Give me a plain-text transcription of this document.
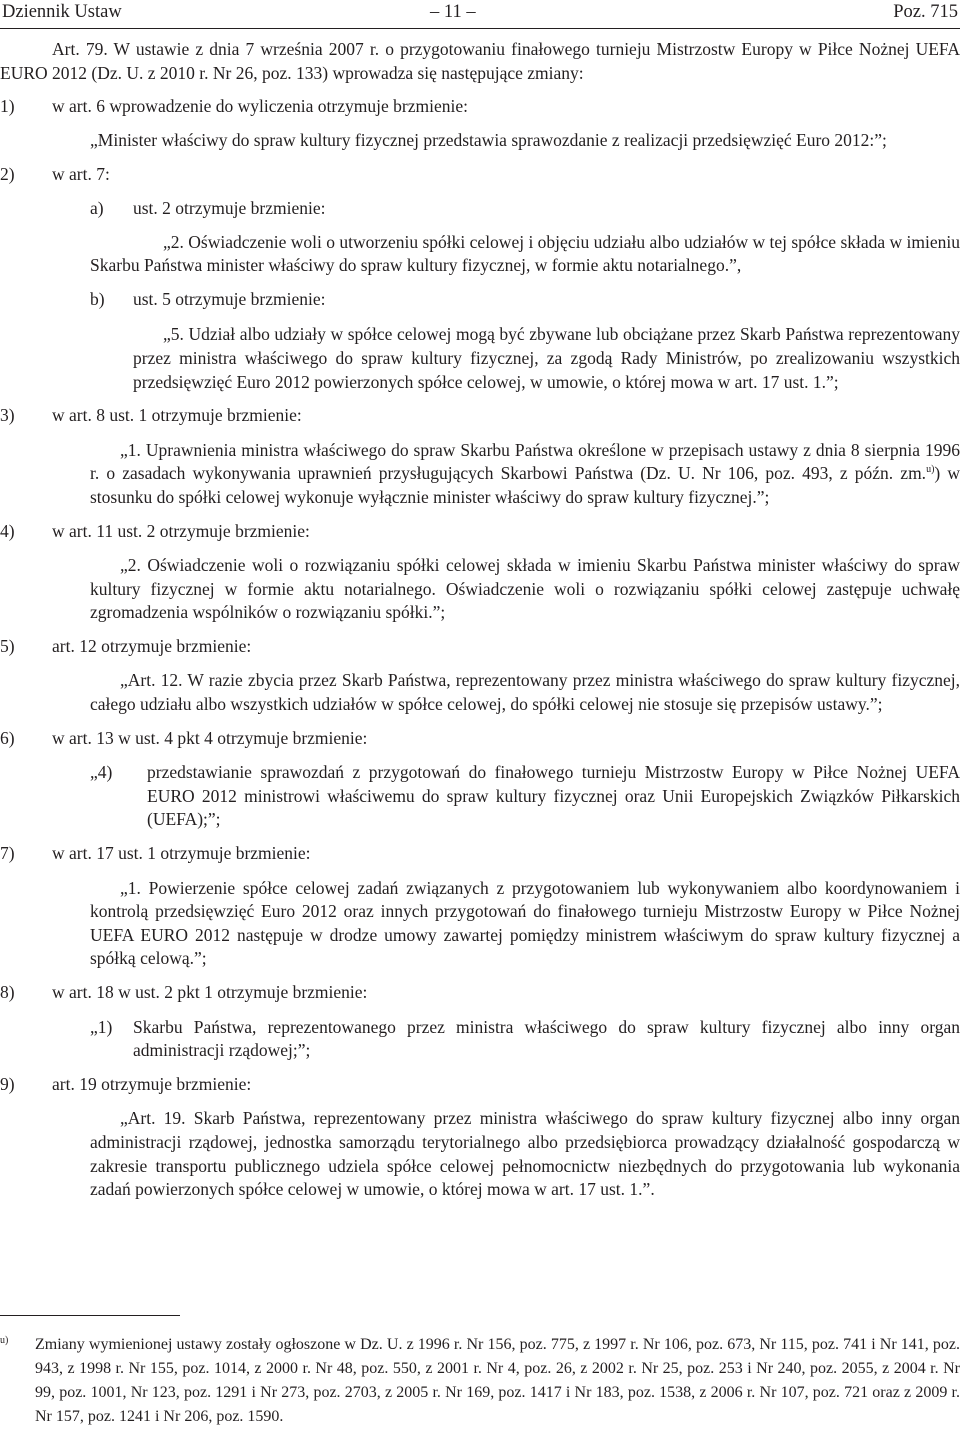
Dziennik Ustaw	– 11 –	Poz. 715

Art. 79. W ustawie z dnia 7 września 2007 r. o przygotowaniu finałowego turnieju Mistrzostw Europy w Piłce Nożnej UEFA EURO 2012 (Dz. U. z 2010 r. Nr 26, poz. 133) wprowadza się następujące zmiany:

1) w art. 6 wprowadzenie do wyliczenia otrzymuje brzmienie:

„Minister właściwy do spraw kultury fizycznej przedstawia sprawozdanie z realizacji przedsięwzięć Euro 2012:”;

2) w art. 7:

a) ust. 2 otrzymuje brzmienie:

„2. Oświadczenie woli o utworzeniu spółki celowej i objęciu udziału albo udziałów w tej spółce składa w imieniu Skarbu Państwa minister właściwy do spraw kultury fizycznej, w formie aktu notarialnego.”,

b) ust. 5 otrzymuje brzmienie:

„5. Udział albo udziały w spółce celowej mogą być zbywane lub obciążane przez Skarb Państwa reprezentowany przez ministra właściwego do spraw kultury fizycznej, za zgodą Rady Ministrów, po zrealizowaniu wszystkich przedsięwzięć Euro 2012 powierzonych spółce celowej, w umowie, o której mowa w art. 17 ust. 1.”;

3) w art. 8 ust. 1 otrzymuje brzmienie:

„1. Uprawnienia ministra właściwego do spraw Skarbu Państwa określone w przepisach ustawy z dnia 8 sierpnia 1996 r. o zasadach wykonywania uprawnień przysługujących Skarbowi Państwa (Dz. U. Nr 106, poz. 493, z późn. zm.$^{u)}$) w stosunku do spółki celowej wykonuje wyłącznie minister właściwy do spraw kultury fizycznej.”;

4) w art. 11 ust. 2 otrzymuje brzmienie:

„2. Oświadczenie woli o rozwiązaniu spółki celowej składa w imieniu Skarbu Państwa minister właściwy do spraw kultury fizycznej w formie aktu notarialnego. Oświadczenie woli o rozwiązaniu spółki celowej zastępuje uchwałę zgromadzenia wspólników o rozwiązaniu spółki.”;

5) art. 12 otrzymuje brzmienie:

„Art. 12. W razie zbycia przez Skarb Państwa, reprezentowany przez ministra właściwego do spraw kultury fizycznej, całego udziału albo wszystkich udziałów w spółce celowej, do spółki celowej nie stosuje się przepisów ustawy.”;

6) w art. 13 w ust. 4 pkt 4 otrzymuje brzmienie:

„4) przedstawianie sprawozdań z przygotowań do finałowego turnieju Mistrzostw Europy w Piłce Nożnej UEFA EURO 2012 ministrowi właściwemu do spraw kultury fizycznej oraz Unii Europejskich Związków Piłkarskich (UEFA);”;

7) w art. 17 ust. 1 otrzymuje brzmienie:

„1. Powierzenie spółce celowej zadań związanych z przygotowaniem lub wykonywaniem albo koordynowaniem i kontrolą przedsięwzięć Euro 2012 oraz innych przygotowań do finałowego turnieju Mistrzostw Europy w Piłce Nożnej UEFA EURO 2012 następuje w drodze umowy zawartej pomiędzy ministrem właściwym do spraw kultury fizycznej a spółką celową.”;

8) w art. 18 w ust. 2 pkt 1 otrzymuje brzmienie:

„1) Skarbu Państwa, reprezentowanego przez ministra właściwego do spraw kultury fizycznej albo inny organ administracji rządowej;”;

9) art. 19 otrzymuje brzmienie:

„Art. 19. Skarb Państwa, reprezentowany przez ministra właściwego do spraw kultury fizycznej albo inny organ administracji rządowej, jednostka samorządu terytorialnego albo przedsiębiorca prowadzący działalność gospodarczą w zakresie transportu publicznego udziela spółce celowej pełnomocnictw niezbędnych do przygotowania lub wykonania zadań powierzonych spółce celowej w umowie, o której mowa w art. 17 ust. 1.”.

u) Zmiany wymienionej ustawy zostały ogłoszone w Dz. U. z 1996 r. Nr 156, poz. 775, z 1997 r. Nr 106, poz. 673, Nr 115, poz. 741 i Nr 141, poz. 943, z 1998 r. Nr 155, poz. 1014, z 2000 r. Nr 48, poz. 550, z 2001 r. Nr 4, poz. 26, z 2002 r. Nr 25, poz. 253 i Nr 240, poz. 2055, z 2004 r. Nr 99, poz. 1001, Nr 123, poz. 1291 i Nr 273, poz. 2703, z 2005 r. Nr 169, poz. 1417 i Nr 183, poz. 1538, z 2006 r. Nr 107, poz. 721 oraz z 2009 r. Nr 157, poz. 1241 i Nr 206, poz. 1590.
